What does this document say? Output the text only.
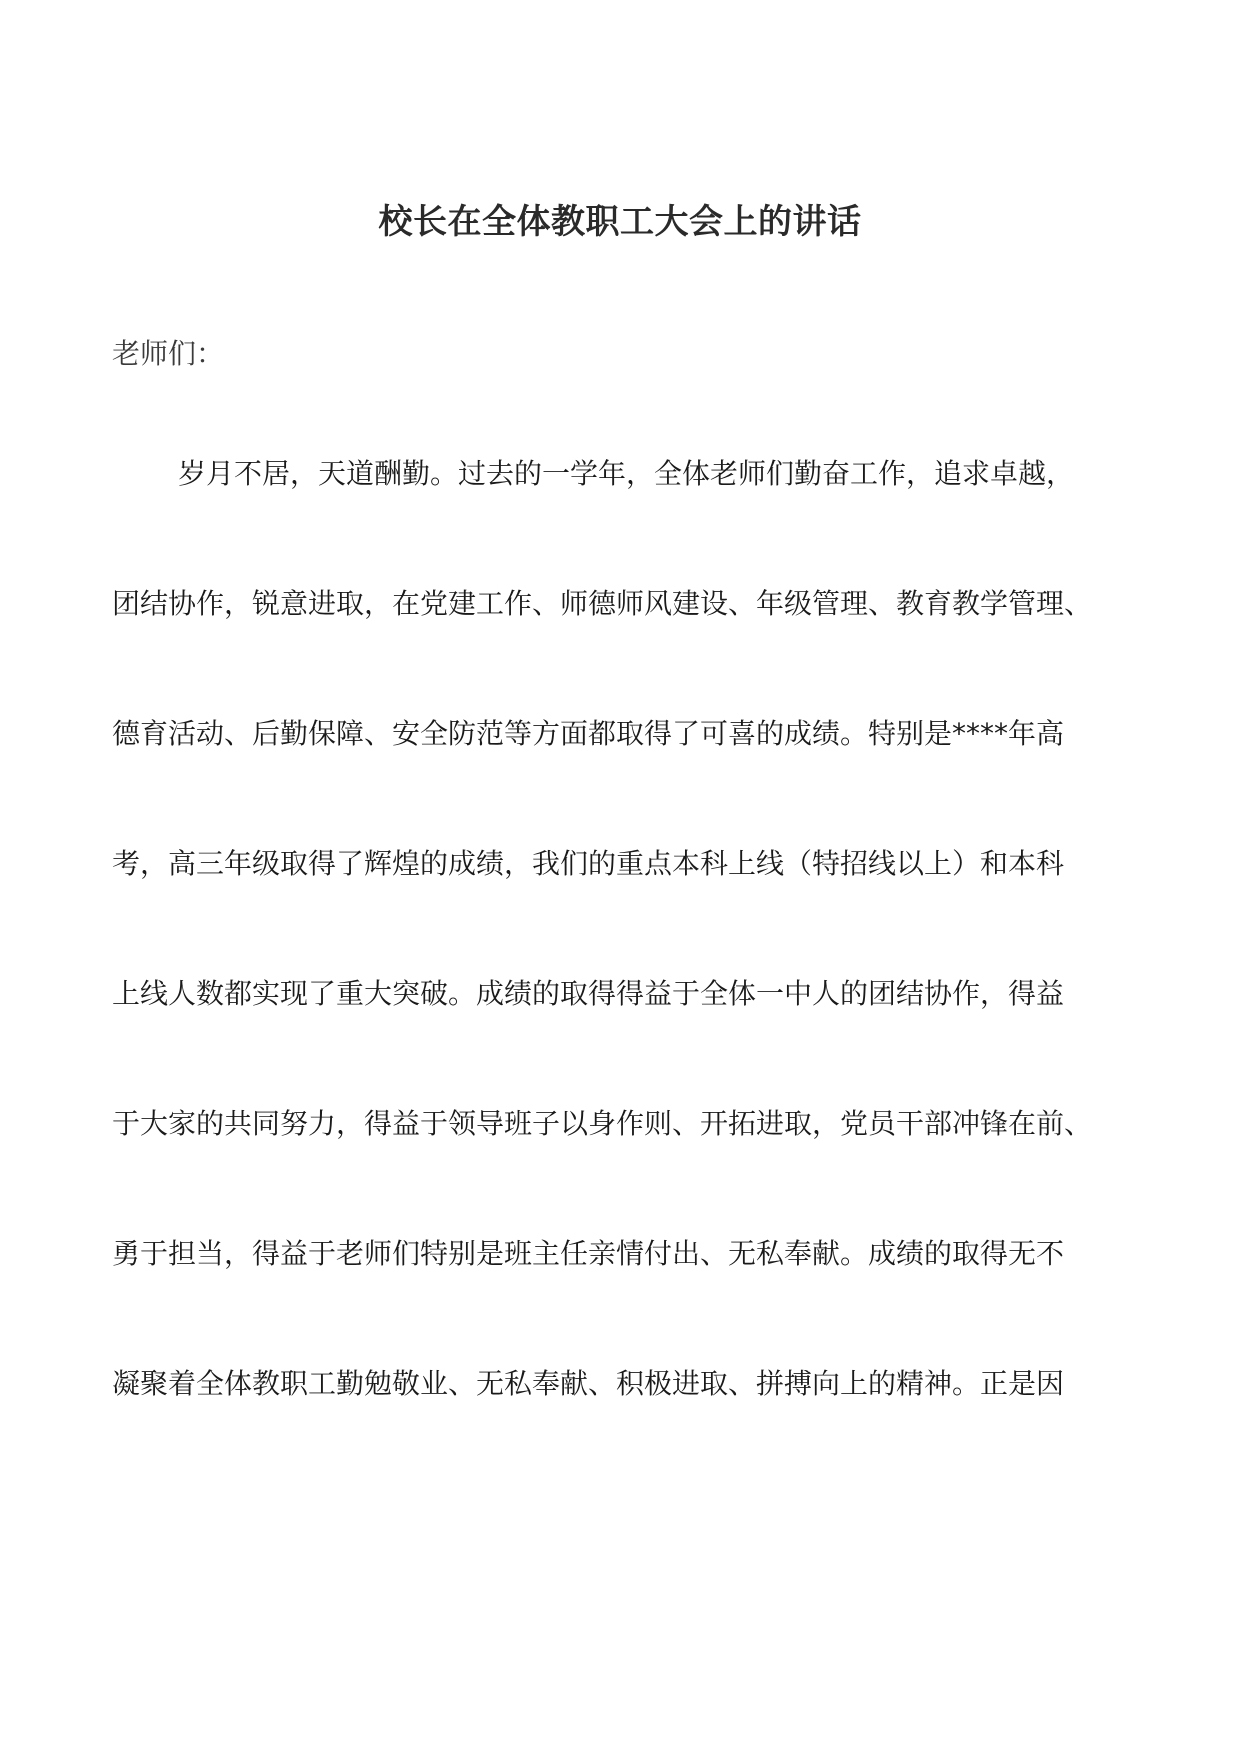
校长在全体教职工大会上的讲话
老师们：
岁月不居，天道酬勤。过去的一学年，全体老师们勤奋工作，追求卓越，
团结协作，锐意进取，在党建工作、师德师风建设、年级管理、教育教学管理、
德育活动、后勤保障、安全防范等方面都取得了可喜的成绩。特别是****年高
考，高三年级取得了辉煌的成绩，我们的重点本科上线（特招线以上）和本科
上线人数都实现了重大突破。成绩的取得得益于全体一中人的团结协作，得益
于大家的共同努力，得益于领导班子以身作则、开拓进取，党员干部冲锋在前、
勇于担当，得益于老师们特别是班主任亲情付出、无私奉献。成绩的取得无不
凝聚着全体教职工勤勉敬业、无私奉献、积极进取、拼搏向上的精神。正是因
